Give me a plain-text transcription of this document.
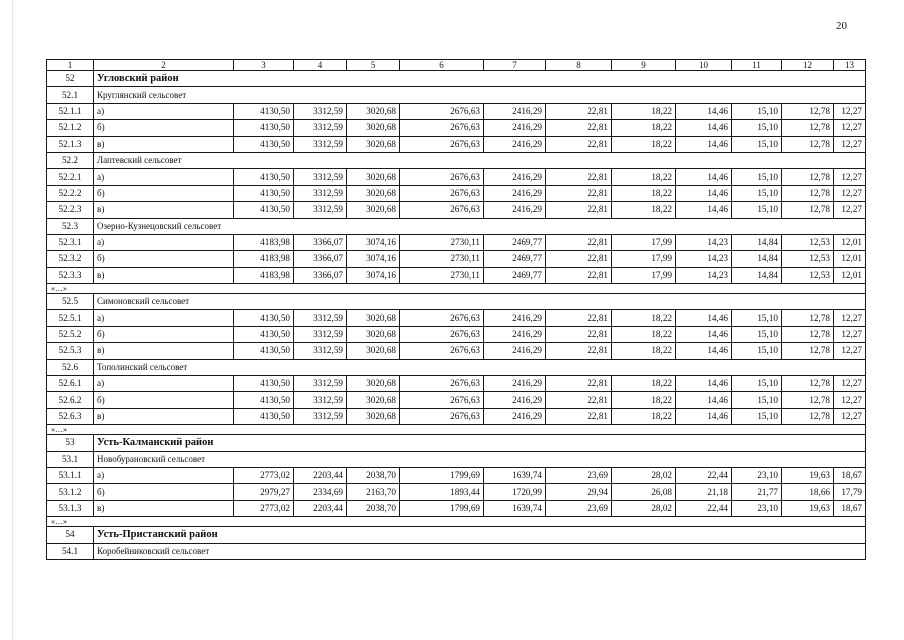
20
1	2	3	4	5	6	7	8	9	10	11	12	13
52	Угловский район											
52.1	Круглянский сельсовет											
52.1.1	а)	4130,50	3312,59	3020,68	2676,63	2416,29	22,81	18,22	14,46	15,10	12,78	12,27
52.1.2	б)	4130,50	3312,59	3020,68	2676,63	2416,29	22,81	18,22	14,46	15,10	12,78	12,27
52.1.3	в)	4130,50	3312,59	3020,68	2676,63	2416,29	22,81	18,22	14,46	15,10	12,78	12,27
52.2	Лаптевский сельсовет											
52.2.1	а)	4130,50	3312,59	3020,68	2676,63	2416,29	22,81	18,22	14,46	15,10	12,78	12,27
52.2.2	б)	4130,50	3312,59	3020,68	2676,63	2416,29	22,81	18,22	14,46	15,10	12,78	12,27
52.2.3	в)	4130,50	3312,59	3020,68	2676,63	2416,29	22,81	18,22	14,46	15,10	12,78	12,27
52.3	Озерно-Кузнецовский сельсовет											
52.3.1	а)	4183,98	3366,07	3074,16	2730,11	2469,77	22,81	17,99	14,23	14,84	12,53	12,01
52.3.2	б)	4183,98	3366,07	3074,16	2730,11	2469,77	22,81	17,99	14,23	14,84	12,53	12,01
52.3.3	в)	4183,98	3366,07	3074,16	2730,11	2469,77	22,81	17,99	14,23	14,84	12,53	12,01
«…»												
52.5	Симоновский сельсовет											
52.5.1	а)	4130,50	3312,59	3020,68	2676,63	2416,29	22,81	18,22	14,46	15,10	12,78	12,27
52.5.2	б)	4130,50	3312,59	3020,68	2676,63	2416,29	22,81	18,22	14,46	15,10	12,78	12,27
52.5.3	в)	4130,50	3312,59	3020,68	2676,63	2416,29	22,81	18,22	14,46	15,10	12,78	12,27
52.6	Тополинский сельсовет											
52.6.1	а)	4130,50	3312,59	3020,68	2676,63	2416,29	22,81	18,22	14,46	15,10	12,78	12,27
52.6.2	б)	4130,50	3312,59	3020,68	2676,63	2416,29	22,81	18,22	14,46	15,10	12,78	12,27
52.6.3	в)	4130,50	3312,59	3020,68	2676,63	2416,29	22,81	18,22	14,46	15,10	12,78	12,27
«…»												
53	Усть-Калманский район											
53.1	Новобурановский сельсовет											
53.1.1	а)	2773,02	2203,44	2038,70	1799,69	1639,74	23,69	28,02	22,44	23,10	19,63	18,67
53.1.2	б)	2979,27	2334,69	2163,70	1893,44	1720,99	29,94	26,08	21,18	21,77	18,66	17,79
53.1.3	в)	2773,02	2203,44	2038,70	1799,69	1639,74	23,69	28,02	22,44	23,10	19,63	18,67
«…»												
54	Усть-Пристанский район											
54.1	Коробейниковский сельсовет											
